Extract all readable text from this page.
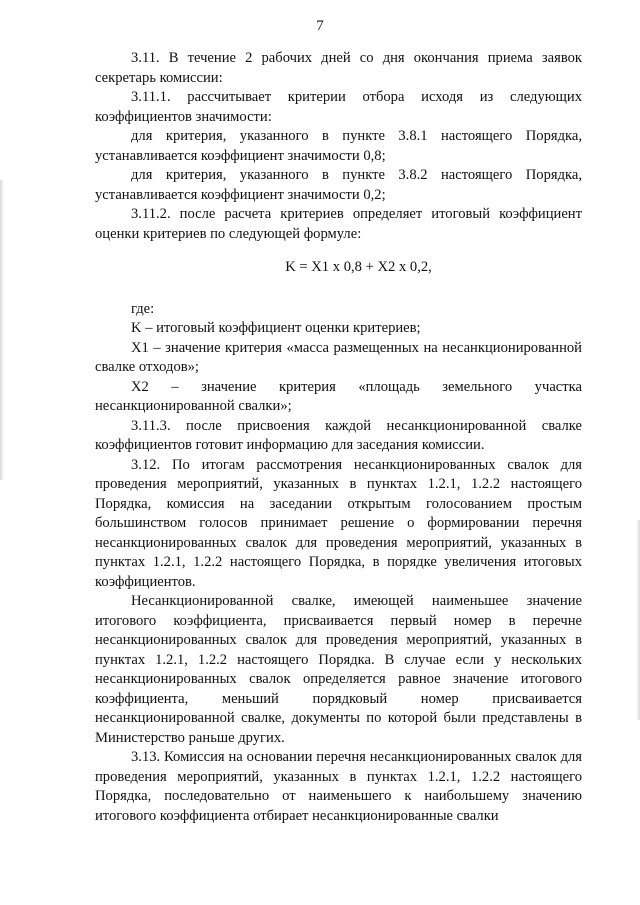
7

3.11. В течение 2 рабочих дней со дня окончания приема заявок секретарь комиссии:

3.11.1. рассчитывает критерии отбора исходя из следующих коэффициентов значимости:

для критерия, указанного в пункте 3.8.1 настоящего Порядка, устанавливается коэффициент значимости 0,8;

для критерия, указанного в пункте 3.8.2 настоящего Порядка, устанавливается коэффициент значимости 0,2;

3.11.2. после расчета критериев определяет итоговый коэффициент оценки критериев по следующей формуле:

K = X1 x 0,8 + X2 x 0,2,

где:

K – итоговый коэффициент оценки критериев;

X1 – значение критерия «масса размещенных на несанкционированной свалке отходов»;

X2 – значение критерия «площадь земельного участка несанкционированной свалки»;

3.11.3. после присвоения каждой несанкционированной свалке коэффициентов готовит информацию для заседания комиссии.

3.12. По итогам рассмотрения несанкционированных свалок для проведения мероприятий, указанных в пунктах 1.2.1, 1.2.2 настоящего Порядка, комиссия на заседании открытым голосованием простым большинством голосов принимает решение о формировании перечня несанкционированных свалок для проведения мероприятий, указанных в пунктах 1.2.1, 1.2.2 настоящего Порядка, в порядке увеличения итоговых коэффициентов.

Несанкционированной свалке, имеющей наименьшее значение итогового коэффициента, присваивается первый номер в перечне несанкционированных свалок для проведения мероприятий, указанных в пунктах 1.2.1, 1.2.2 настоящего Порядка. В случае если у нескольких несанкционированных свалок определяется равное значение итогового коэффициента, меньший порядковый номер присваивается несанкционированной свалке, документы по которой были представлены в Министерство раньше других.

3.13. Комиссия на основании перечня несанкционированных свалок для проведения мероприятий, указанных в пунктах 1.2.1, 1.2.2 настоящего Порядка, последовательно от наименьшего к наибольшему значению итогового коэффициента отбирает несанкционированные свалки
